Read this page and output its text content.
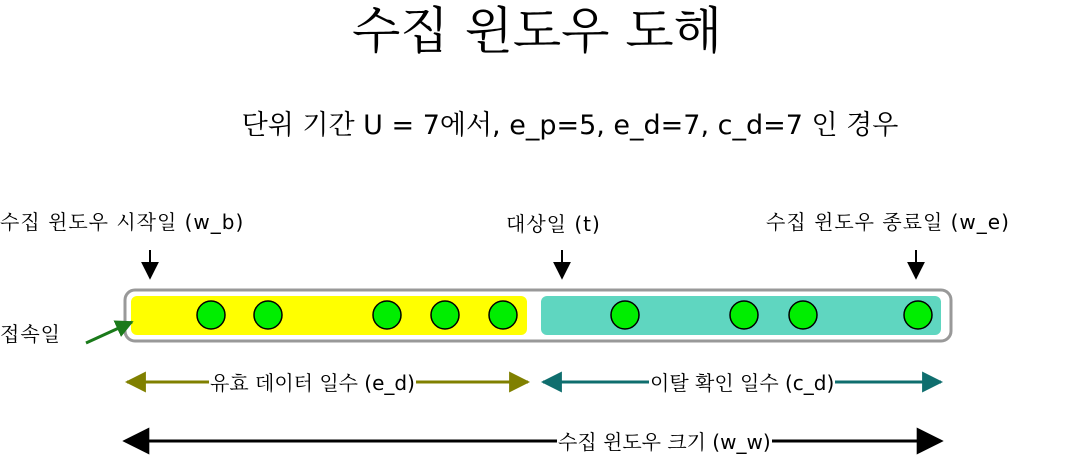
수집 윈도우 도해
단위 기간 U = 7에서, e_p=5, e_d=7, c_d=7 인 경우
수집 윈도우 시작일 (w_b)	대상일 (t)	수집 윈도우 종료일 (w_e)
접속일
유효 데이터 일수 (e_d)	이탈 확인 일수 (c_d)
수집 윈도우 크기 (w_w)
